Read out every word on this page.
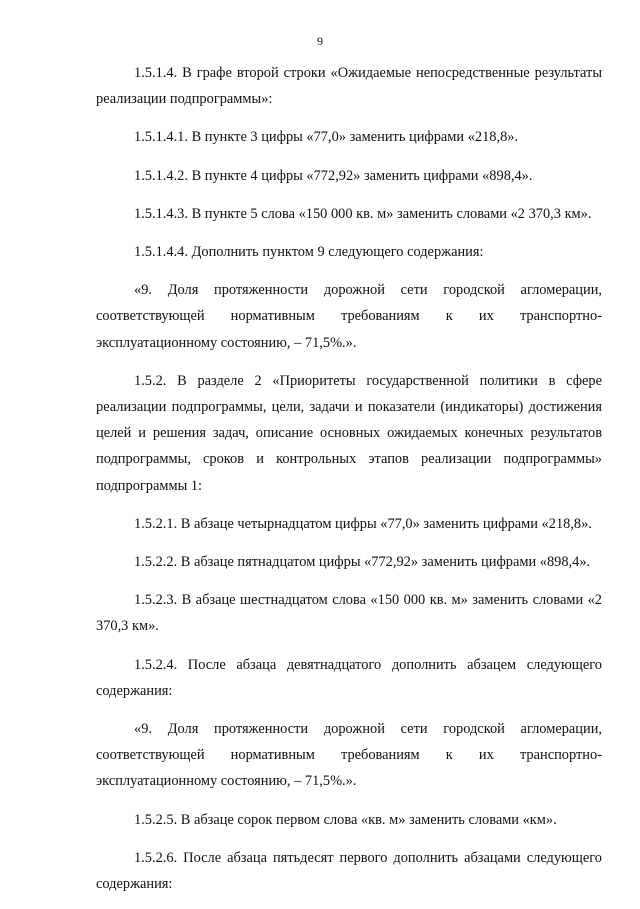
9

1.5.1.4. В графе второй строки «Ожидаемые непосредственные результаты реализации подпрограммы»:

1.5.1.4.1. В пункте 3 цифры «77,0» заменить цифрами «218,8».

1.5.1.4.2. В пункте 4 цифры «772,92» заменить цифрами «898,4».

1.5.1.4.3. В пункте 5 слова «150 000 кв. м» заменить словами «2 370,3 км».

1.5.1.4.4. Дополнить пунктом 9 следующего содержания:

«9. Доля протяженности дорожной сети городской агломерации, соответствующей нормативным требованиям к их транспортно-эксплуатационному состоянию, – 71,5%.».

1.5.2. В разделе 2 «Приоритеты государственной политики в сфере реализации подпрограммы, цели, задачи и показатели (индикаторы) достижения целей и решения задач, описание основных ожидаемых конечных результатов подпрограммы, сроков и контрольных этапов реализации подпрограммы» подпрограммы 1:

1.5.2.1. В абзаце четырнадцатом цифры «77,0» заменить цифрами «218,8».

1.5.2.2. В абзаце пятнадцатом цифры «772,92» заменить цифрами «898,4».

1.5.2.3. В абзаце шестнадцатом слова «150 000 кв. м» заменить словами «2 370,3 км».

1.5.2.4. После абзаца девятнадцатого дополнить абзацем следующего содержания:

«9. Доля протяженности дорожной сети городской агломерации, соответствующей нормативным требованиям к их транспортно-эксплуатационному состоянию, – 71,5%.».

1.5.2.5. В абзаце сорок первом слова «кв. м» заменить словами «км».

1.5.2.6. После абзаца пятьдесят первого дополнить абзацами следующего содержания:
